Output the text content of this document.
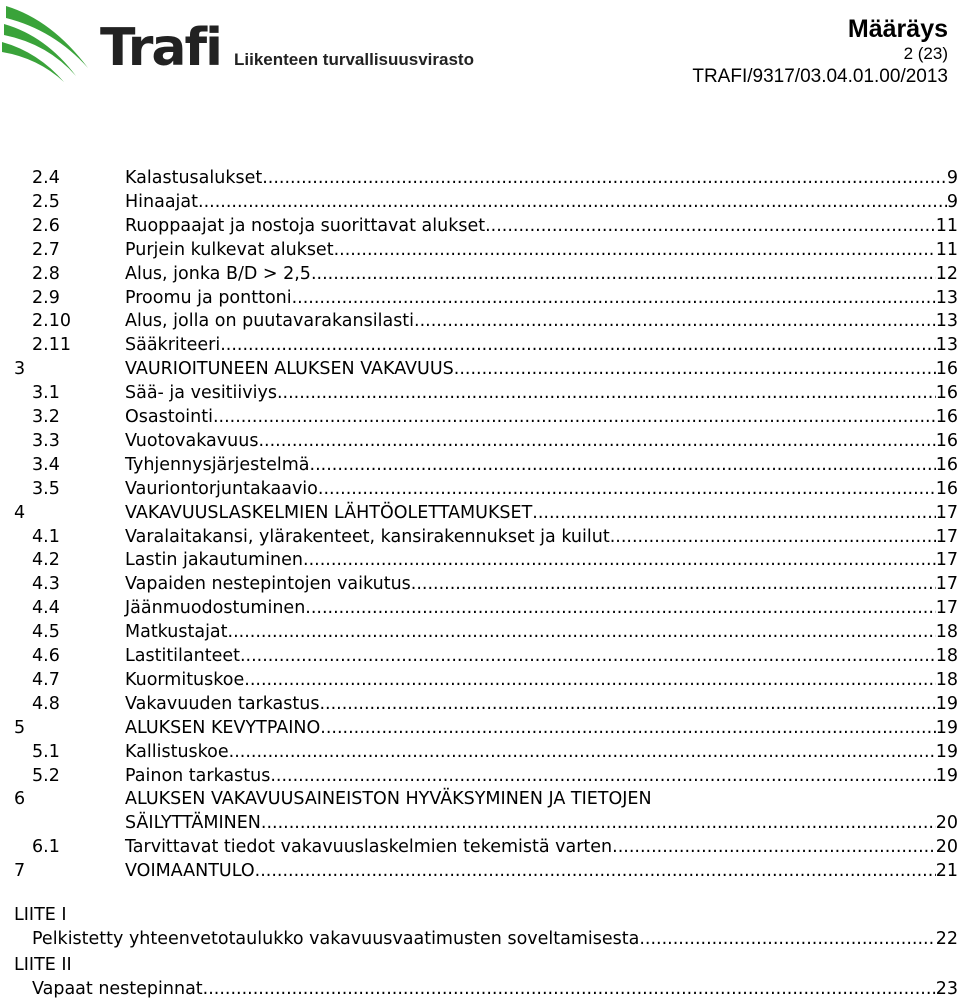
Trafi Liikenteen turvallisuusvirasto
Määräys
2 (23)
TRAFI/9317/03.04.01.00/2013
2.4	Kalastusalukset .....	9
2.5	Hinaajat .....	9
2.6	Ruoppaajat ja nostoja suorittavat alukset .....	11
2.7	Purjein kulkevat alukset .....	11
2.8	Alus, jonka B/D > 2,5 .....	12
2.9	Proomu ja ponttoni .....	13
2.10	Alus, jolla on puutavarakansilasti .....	13
2.11	Sääkriteeri .....	13
3	VAURIOITUNEEN ALUKSEN VAKAVUUS .....	16
3.1	Sää- ja vesitiiviys .....	16
3.2	Osastointi .....	16
3.3	Vuotovakavuus .....	16
3.4	Tyhjennysjärjestelmä .....	16
3.5	Vauriontorjuntakaavio .....	16
4	VAKAVUUSLASKELMIEN LÄHTÖOLETTAMUKSET .....	17
4.1	Varalaitakansi, ylärakenteet, kansirakennukset ja kuilut .....	17
4.2	Lastin jakautuminen .....	17
4.3	Vapaiden nestepintojen vaikutus .....	17
4.4	Jäänmuodostuminen .....	17
4.5	Matkustajat .....	18
4.6	Lastitilanteet .....	18
4.7	Kuormituskoe .....	18
4.8	Vakavuuden tarkastus .....	19
5	ALUKSEN KEVYTPAINO .....	19
5.1	Kallistuskoe .....	19
5.2	Painon tarkastus .....	19
6	ALUKSEN VAKAVUUSAINEISTON HYVÄKSYMINEN JA TIETOJEN
SÄILYTTÄMINEN .....	20
6.1	Tarvittavat tiedot vakavuuslaskelmien tekemistä varten .....	20
7	VOIMAANTULO .....	21
LIITE I
Pelkistetty yhteenvetotaulukko vakavuusvaatimusten soveltamisesta .....	22
LIITE II
Vapaat nestepinnat .....	23
